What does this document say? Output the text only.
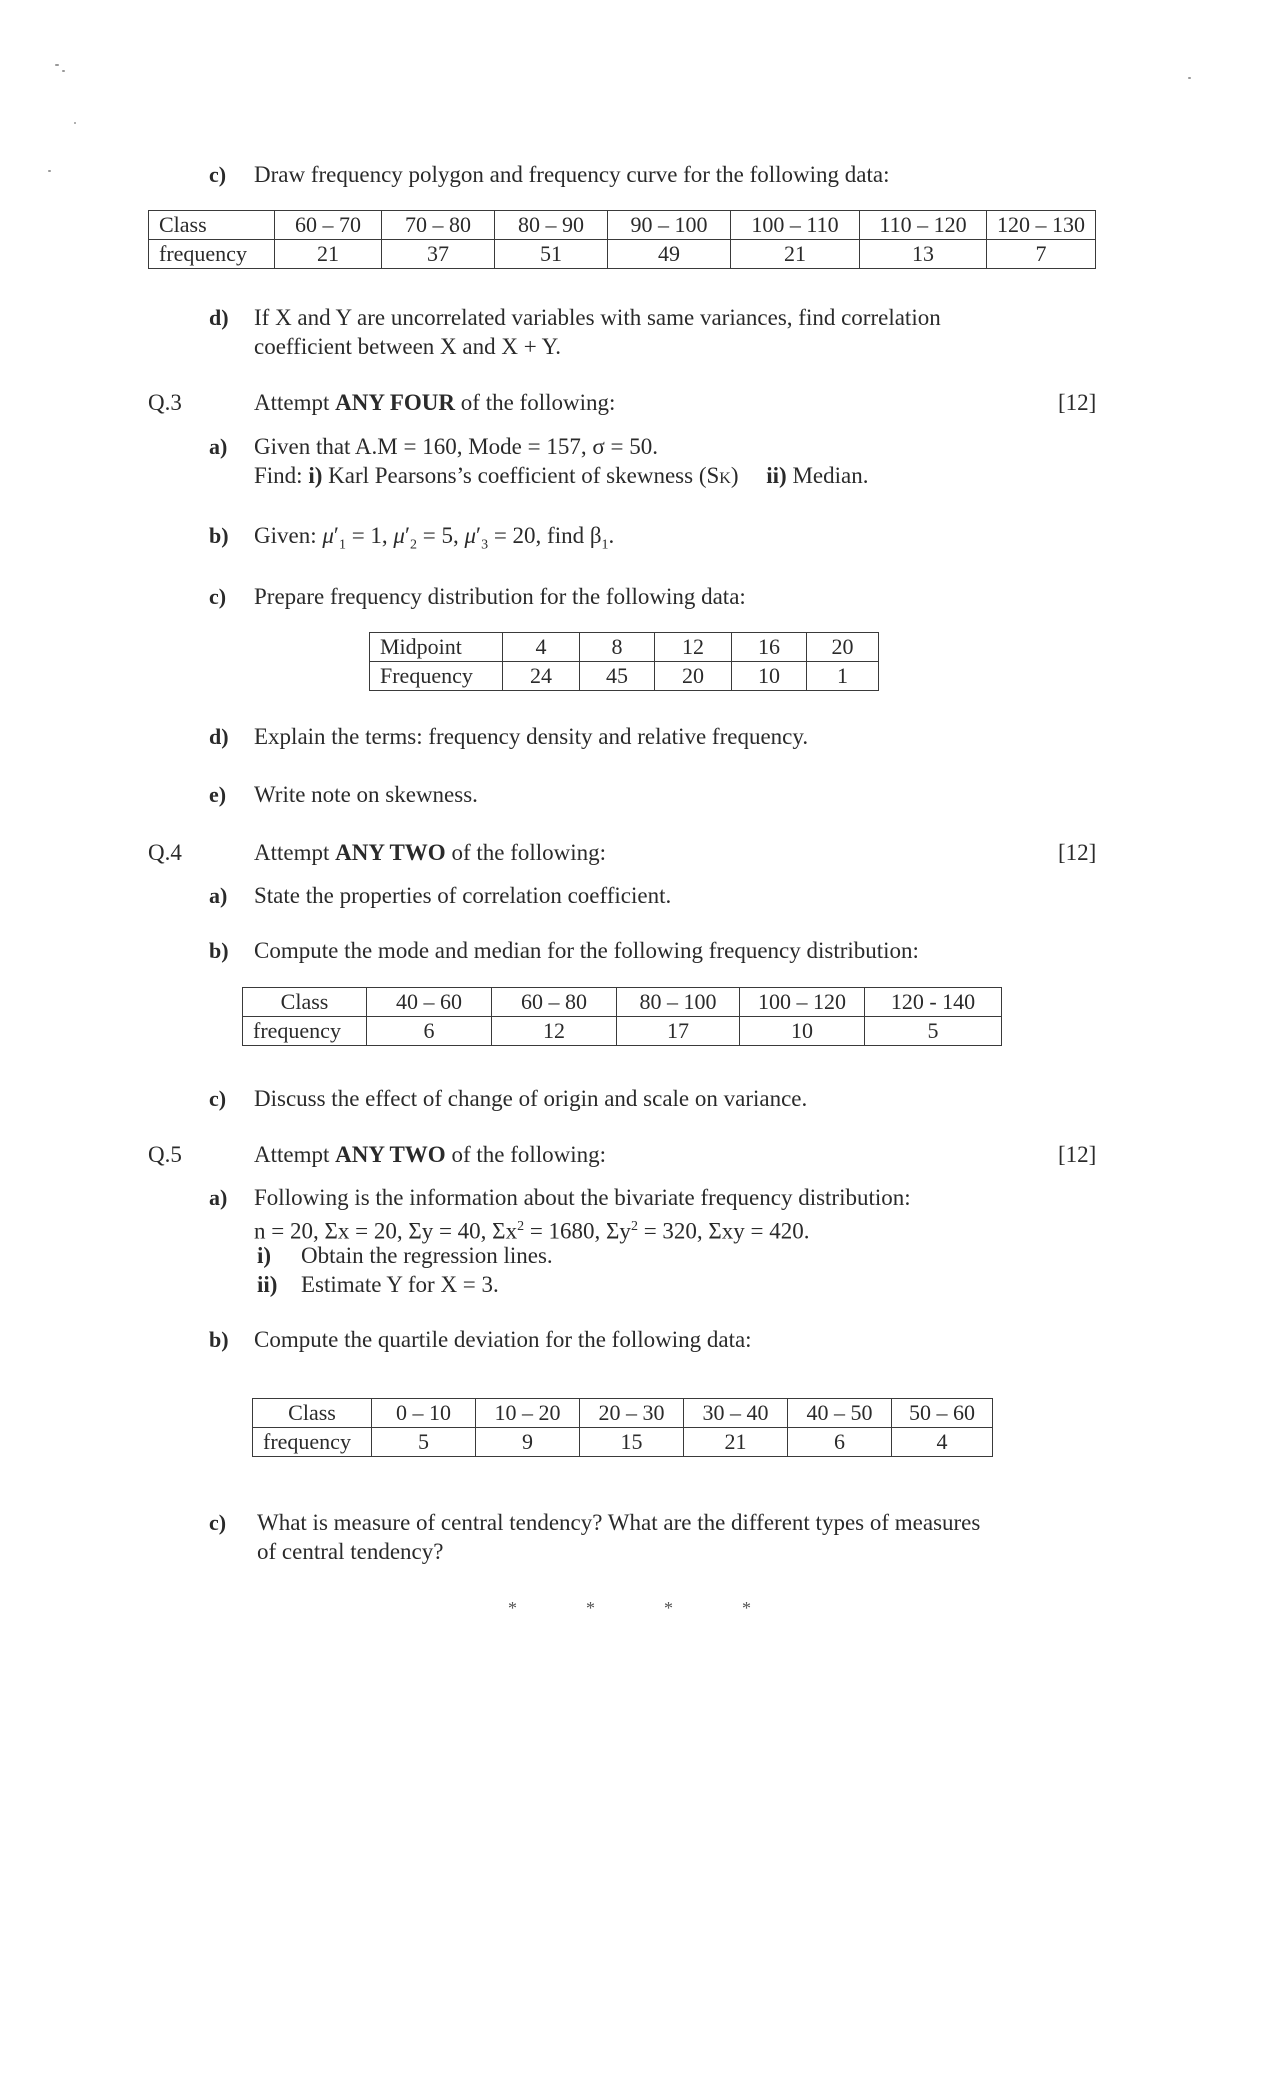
c) Draw frequency polygon and frequency curve for the following data:
Class	60 – 70	70 – 80	80 – 90	90 – 100	100 – 110	110 – 120	120 – 130
frequency	21	37	51	49	21	13	7
d) If X and Y are uncorrelated variables with same variances, find correlation
coefficient between X and X + Y.
Q.3	Attempt ANY FOUR of the following:	[12]
a) Given that A.M = 160, Mode = 157, σ = 50.
Find: i) Karl Pearsons’s coefficient of skewness (SK) ii) Median.
b) Given: $\mu'_1 = 1$, $\mu'_2 = 5$, $\mu'_3 = 20$, find $\beta_1$.
c) Prepare frequency distribution for the following data:
Midpoint	4	8	12	16	20
Frequency	24	45	20	10	1
d) Explain the terms: frequency density and relative frequency.
e) Write note on skewness.
Q.4	Attempt ANY TWO of the following:	[12]
a) State the properties of correlation coefficient.
b) Compute the mode and median for the following frequency distribution:
Class	40 – 60	60 – 80	80 – 100	100 – 120	120 - 140
frequency	6	12	17	10	5
c) Discuss the effect of change of origin and scale on variance.
Q.5	Attempt ANY TWO of the following:	[12]
a) Following is the information about the bivariate frequency distribution:
n = 20, Σx = 20, Σy = 40, $\Sigma x^2 = 1680$, $\Sigma y^2 = 320$, Σxy = 420.
i) Obtain the regression lines.
ii) Estimate Y for X = 3.
b) Compute the quartile deviation for the following data:
Class	0 – 10	10 – 20	20 – 30	30 – 40	40 – 50	50 – 60
frequency	5	9	15	21	6	4
c) What is measure of central tendency? What are the different types of measures
of central tendency?
*	*	*	*
